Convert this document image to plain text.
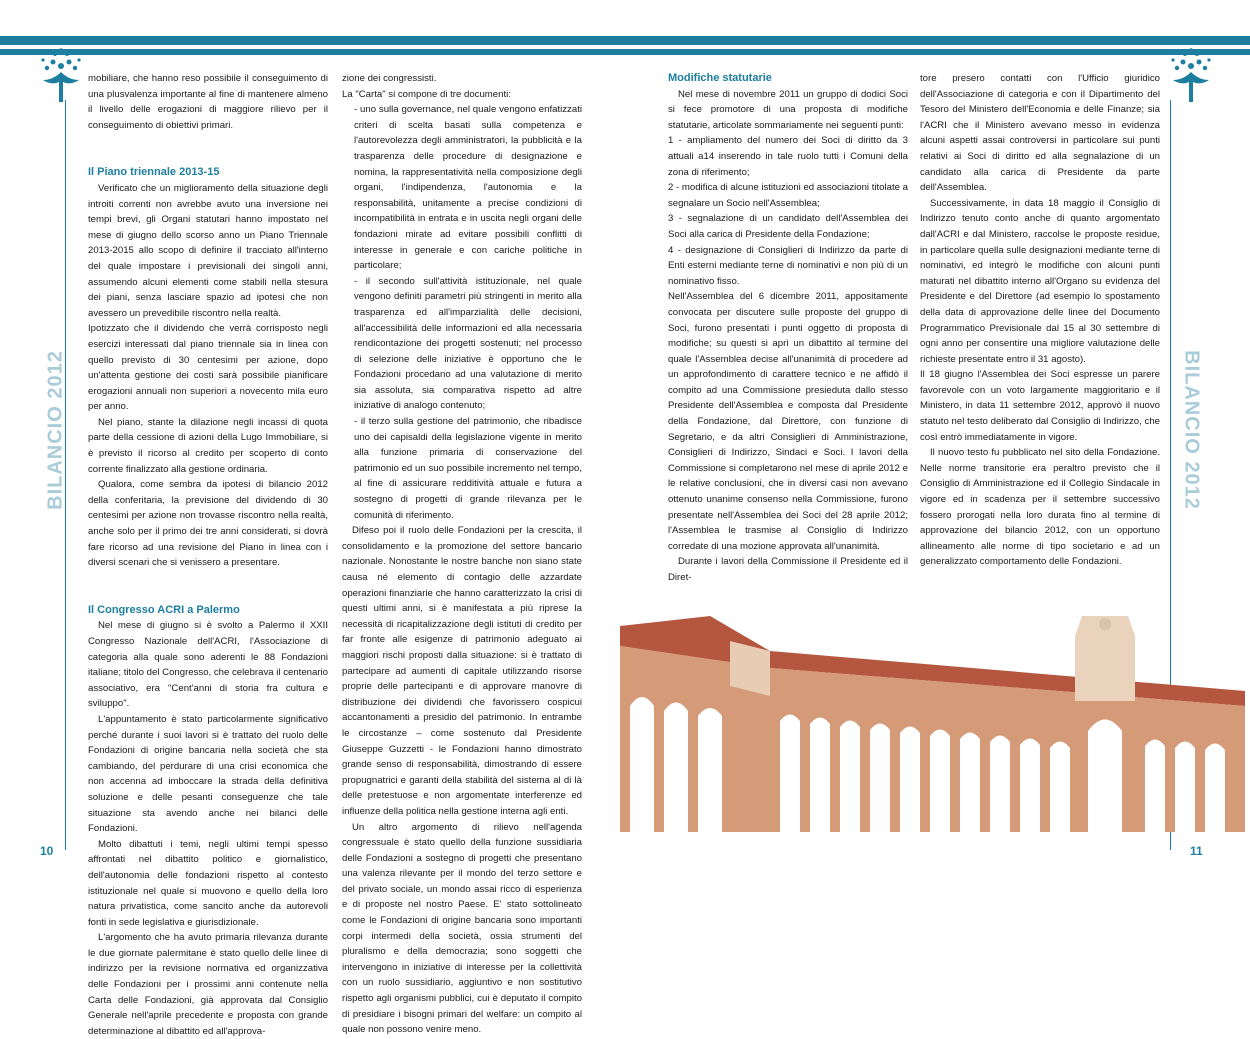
BILANCIO 2012	BILANCIO 2012

mobiliare, che hanno reso possibile il conseguimento di una plusvalenza importante al fine di mantenere almeno il livello delle erogazioni di maggiore rilievo per il conseguimento di obiettivi primari.

Il Piano triennale 2013-15

Verificato che un miglioramento della situazione degli introiti correnti non avrebbe avuto una inversione nei tempi brevi, gli Organi statutari hanno impostato nel mese di giugno dello scorso anno un Piano Triennale 2013-2015 allo scopo di definire il tracciato all'interno del quale impostare i previsionali dei singoli anni, assumendo alcuni elementi come stabili nella stesura dei piani, senza lasciare spazio ad ipotesi che non avessero un prevedibile riscontro nella realtà.

Ipotizzato che il dividendo che verrà corrisposto negli esercizi interessati dal piano triennale sia in linea con quello previsto di 30 centesimi per azione, dopo un'attenta gestione dei costi sarà possibile pianificare erogazioni annuali non superiori a novecento mila euro per anno.

Nel piano, stante la dilazione negli incassi di quota parte della cessione di azioni della Lugo Immobiliare, si è previsto il ricorso al credito per scoperto di conto corrente finalizzato alla gestione ordinaria.

Qualora, come sembra da ipotesi di bilancio 2012 della conferitaria, la previsione del dividendo di 30 centesimi per azione non trovasse riscontro nella realtà, anche solo per il primo dei tre anni considerati, si dovrà fare ricorso ad una revisione del Piano in linea con i diversi scenari che si venissero a presentare.

Il Congresso ACRI a Palermo

Nel mese di giugno si è svolto a Palermo il XXII Congresso Nazionale dell'ACRI, l'Associazione di categoria alla quale sono aderenti le 88 Fondazioni italiane; titolo del Congresso, che celebrava il centenario associativo, era "Cent'anni di storia fra cultura e sviluppo".

L'appuntamento è stato particolarmente significativo perché durante i suoi lavori si è trattato del ruolo delle Fondazioni di origine bancaria nella società che sta cambiando, del perdurare di una crisi economica che non accenna ad imboccare la strada della definitiva soluzione e delle pesanti conseguenze che tale situazione sta avendo anche nei bilanci delle Fondazioni.

Molto dibattuti i temi, negli ultimi tempi spesso affrontati nel dibattito politico e giornalistico, dell'autonomia delle fondazioni rispetto al contesto istituzionale nel quale si muovono e quello della loro natura privatistica, come sancito anche da autorevoli fonti in sede legislativa e giurisdizionale.

L'argomento che ha avuto primaria rilevanza durante le due giornate palermitane è stato quello delle linee di indirizzo per la revisione normativa ed organizzativa delle Fondazioni per i prossimi anni contenute nella Carta delle Fondazioni, già approvata dal Consiglio Generale nell'aprile precedente e proposta con grande determinazione al dibattito ed all'approva-

zione dei congressisti.

La "Carta" si compone di tre documenti:

- uno sulla governance, nel quale vengono enfatizzati criteri di scelta basati sulla competenza e l'autorevolezza degli amministratori, la pubblicità e la trasparenza delle procedure di designazione e nomina, la rappresentatività nella composizione degli organi, l'indipendenza, l'autonomia e la responsabilità, unitamente a precise condizioni di incompatibilità in entrata e in uscita negli organi delle fondazioni mirate ad evitare possibili conflitti di interesse in generale e con cariche politiche in particolare;
- il secondo sull'attività istituzionale, nel quale vengono definiti parametri più stringenti in merito alla trasparenza ed all'imparzialità delle decisioni, all'accessibilità delle informazioni ed alla necessaria rendicontazione dei progetti sostenuti; nel processo di selezione delle iniziative è opportuno che le Fondazioni procedano ad una valutazione di merito sia assoluta, sia comparativa rispetto ad altre iniziative di analogo contenuto;
- il terzo sulla gestione del patrimonio, che ribadisce uno dei capisaldi della legislazione vigente in merito alla funzione primaria di conservazione del patrimonio ed un suo possibile incremento nel tempo, al fine di assicurare redditività attuale e futura a sostegno di progetti di grande rilevanza per le comunità di riferimento.

Difeso poi il ruolo delle Fondazioni per la crescita, il consolidamento e la promozione del settore bancario nazionale. Nonostante le nostre banche non siano state causa né elemento di contagio delle azzardate operazioni finanziarie che hanno caratterizzato la crisi di questi ultimi anni, si è manifestata a più riprese la necessità di ricapitalizzazione degli istituti di credito per far fronte alle esigenze di patrimonio adeguato ai maggiori rischi proposti dalla situazione: si è trattato di partecipare ad aumenti di capitale utilizzando risorse proprie delle partecipanti e di approvare manovre di distribuzione dei dividendi che favorissero cospicui accantonamenti a presidio del patrimonio. In entrambe le circostanze – come sostenuto dal Presidente Giuseppe Guzzetti - le Fondazioni hanno dimostrato grande senso di responsabilità, dimostrando di essere propugnatrici e garanti della stabilità del sistema al di là delle pretestuose e non argomentate interferenze ed influenze della politica nella gestione interna agli enti.

Un altro argomento di rilievo nell'agenda congressuale è stato quello della funzione sussidiaria delle Fondazioni a sostegno di progetti che presentano una valenza rilevante per il mondo del terzo settore e del privato sociale, un mondo assai ricco di esperienza e di proposte nel nostro Paese. E' stato sottolineato come le Fondazioni di origine bancaria sono importanti corpi intermedi della società, ossia strumenti del pluralismo e della democrazia; sono soggetti che intervengono in iniziative di interesse per la collettività con un ruolo sussidiario, aggiuntivo e non sostitutivo rispetto agli organismi pubblici, cui è deputato il compito di presidiare i bisogni primari del welfare: un compito al quale non possono venire meno.

Modifiche statutarie

Nel mese di novembre 2011 un gruppo di dodici Soci si fece promotore di una proposta di modifiche statutarie, articolate sommariamente nei seguenti punti:

1 - ampliamento del numero dei Soci di diritto da 3 attuali a14 inserendo in tale ruolo tutti i Comuni della zona di riferimento;
2 - modifica di alcune istituzioni ed associazioni titolate a segnalare un Socio nell'Assemblea;
3 - segnalazione di un candidato dell'Assemblea dei Soci alla carica di Presidente della Fondazione;
4 - designazione di Consiglieri di Indirizzo da parte di Enti esterni mediante terne di nominativi e non più di un nominativo fisso.

Nell'Assemblea del 6 dicembre 2011, appositamente convocata per discutere sulle proposte del gruppo di Soci, furono presentati i punti oggetto di proposta di modifiche; su questi si aprì un dibattito al termine del quale l'Assemblea decise all'unanimità di procedere ad un approfondimento di carattere tecnico e ne affidò il compito ad una Commissione presieduta dallo stesso Presidente dell'Assemblea e composta dal Presidente della Fondazione, dal Direttore, con funzione di Segretario, e da altri Consiglieri di Amministrazione, Consiglieri di Indirizzo, Sindaci e Soci. I lavori della Commissione si completarono nel mese di aprile 2012 e le relative conclusioni, che in diversi casi non avevano ottenuto unanime consenso nella Commissione, furono presentate nell'Assemblea dei Soci del 28 aprile 2012; l'Assemblea le trasmise al Consiglio di Indirizzo corredate di una mozione approvata all'unanimità.

Durante i lavori della Commissione il Presidente ed il Diret-

tore presero contatti con l'Ufficio giuridico dell'Associazione di categoria e con il Dipartimento del Tesoro del Ministero dell'Economia e delle Finanze; sia l'ACRI che il Ministero avevano messo in evidenza alcuni aspetti assai controversi in particolare sui punti relativi ai Soci di diritto ed alla segnalazione di un candidato alla carica di Presidente da parte dell'Assemblea.

Successivamente, in data 18 maggio il Consiglio di Indirizzo tenuto conto anche di quanto argomentato dall'ACRI e dal Ministero, raccolse le proposte residue, in particolare quella sulle designazioni mediante terne di nominativi, ed integrò le modifiche con alcuni punti maturati nel dibattito interno all'Organo su evidenza del Presidente e del Direttore (ad esempio lo spostamento della data di approvazione delle linee del Documento Programmatico Previsionale dal 15 al 30 settembre di ogni anno per consentire una migliore valutazione delle richieste presentate entro il 31 agosto).

Il 18 giugno l'Assemblea dei Soci espresse un parere favorevole con un voto largamente maggioritario e il Ministero, in data 11 settembre 2012, approvò il nuovo statuto nel testo deliberato dal Consiglio di Indirizzo, che così entrò immediatamente in vigore.

Il nuovo testo fu pubblicato nel sito della Fondazione. Nelle norme transitorie era peraltro previsto che il Consiglio di Amministrazione ed il Collegio Sindacale in vigore ed in scadenza per il settembre successivo fossero prorogati nella loro durata fino al termine di approvazione del bilancio 2012, con un opportuno allineamento alle norme di tipo societario e ad un generalizzato comportamento delle Fondazioni.

10	11
